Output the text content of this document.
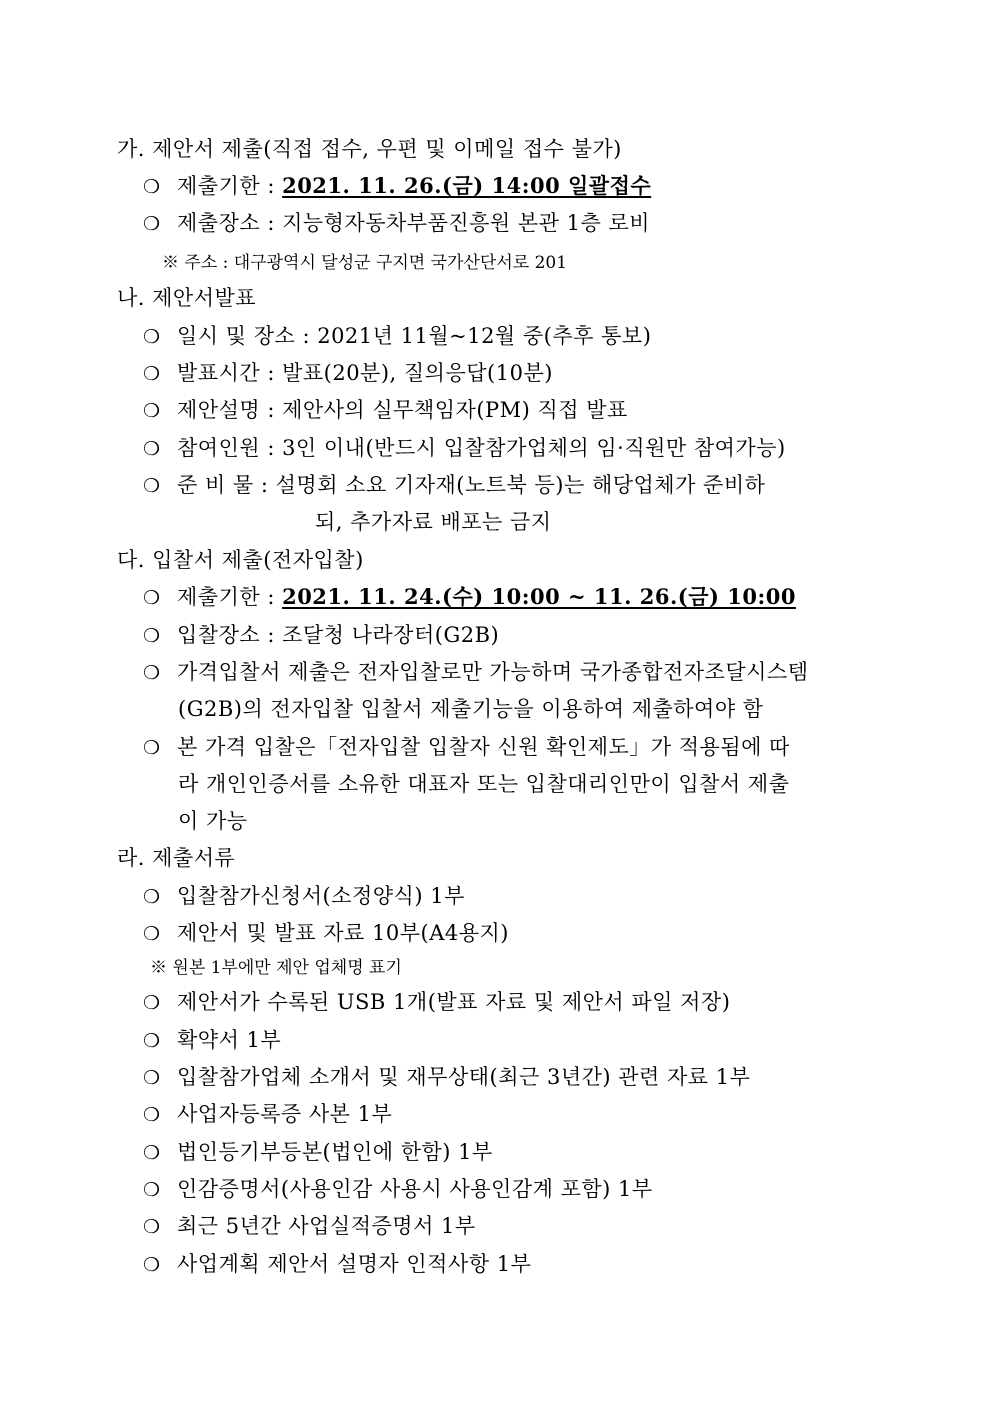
가. 제안서 제출(직접 접수, 우편 및 이메일 접수 불가)
❍ 제출기한 : 2021. 11. 26.(금) 14:00 일괄접수
❍ 제출장소 : 지능형자동차부품진흥원 본관 1층 로비
※ 주소 : 대구광역시 달성군 구지면 국가산단서로 201
나. 제안서발표
❍ 일시 및 장소 : 2021년 11월~12월 중(추후 통보)
❍ 발표시간 : 발표(20분), 질의응답(10분)
❍ 제안설명 : 제안사의 실무책임자(PM) 직접 발표
❍ 참여인원 : 3인 이내(반드시 입찰참가업체의 임·직원만 참여가능)
❍ 준 비 물 : 설명회 소요 기자재(노트북 등)는 해당업체가 준비하
되, 추가자료 배포는 금지
다. 입찰서 제출(전자입찰)
❍ 제출기한 : 2021. 11. 24.(수) 10:00 ~ 11. 26.(금) 10:00
❍ 입찰장소 : 조달청 나라장터(G2B)
❍ 가격입찰서 제출은 전자입찰로만 가능하며 국가종합전자조달시스템
(G2B)의 전자입찰 입찰서 제출기능을 이용하여 제출하여야 함
❍ 본 가격 입찰은「전자입찰 입찰자 신원 확인제도」가 적용됨에 따
라 개인인증서를 소유한 대표자 또는 입찰대리인만이 입찰서 제출
이 가능
라. 제출서류
❍ 입찰참가신청서(소정양식) 1부
❍ 제안서 및 발표 자료 10부(A4용지)
※ 원본 1부에만 제안 업체명 표기
❍ 제안서가 수록된 USB 1개(발표 자료 및 제안서 파일 저장)
❍ 확약서 1부
❍ 입찰참가업체 소개서 및 재무상태(최근 3년간) 관련 자료 1부
❍ 사업자등록증 사본 1부
❍ 법인등기부등본(법인에 한함) 1부
❍ 인감증명서(사용인감 사용시 사용인감계 포함) 1부
❍ 최근 5년간 사업실적증명서 1부
❍ 사업계획 제안서 설명자 인적사항 1부
